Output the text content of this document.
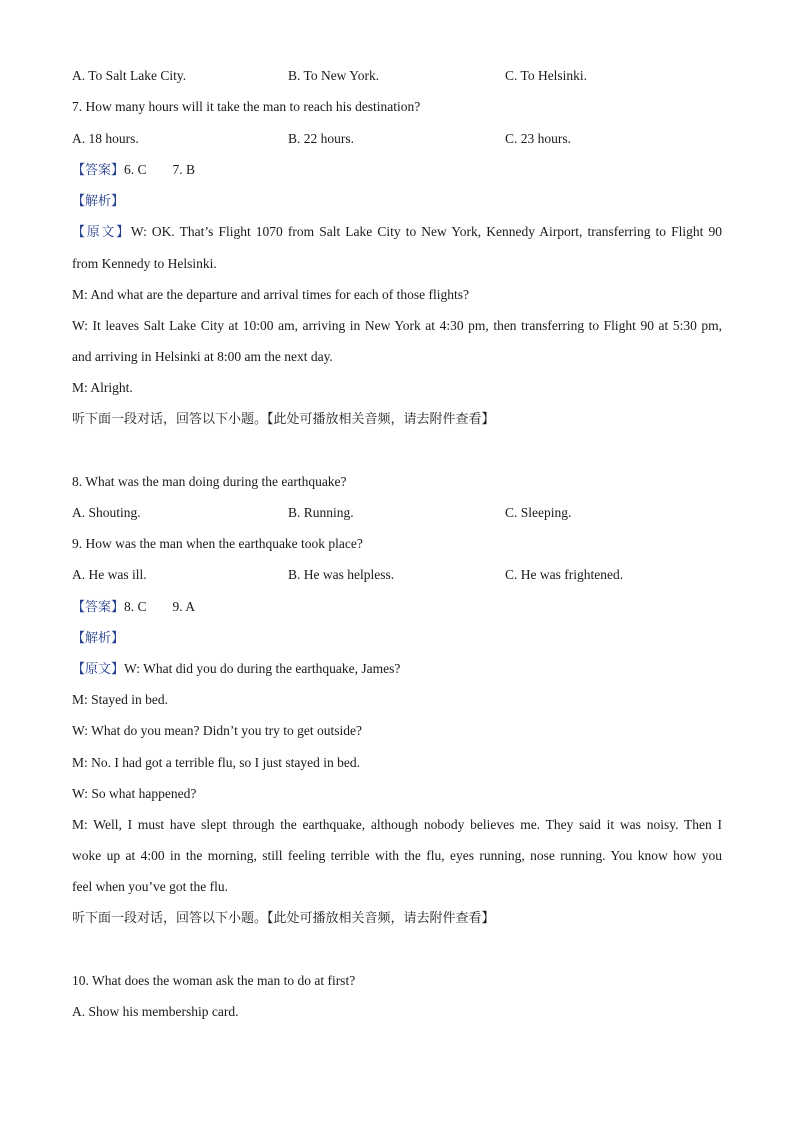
A. To Salt Lake City.	B. To New York.	C. To Helsinki.
7. How many hours will it take the man to reach his destination?
A. 18 hours.	B. 22 hours.	C. 23 hours.
【答案】6. C 7. B
【解析】
【原文】W: OK. That’s Flight 1070 from Salt Lake City to New York, Kennedy Airport, transferring to Flight 90
from Kennedy to Helsinki.
M: And what are the departure and arrival times for each of those flights?
W: It leaves Salt Lake City at 10:00 am, arriving in New York at 4:30 pm, then transferring to Flight 90 at 5:30 pm,
and arriving in Helsinki at 8:00 am the next day.
M: Alright.
听下面一段对话，回答以下小题。【此处可播放相关音频，请去附件查看】
8. What was the man doing during the earthquake?
A. Shouting.	B. Running.	C. Sleeping.
9. How was the man when the earthquake took place?
A. He was ill.	B. He was helpless.	C. He was frightened.
【答案】8. C 9. A
【解析】
【原文】W: What did you do during the earthquake, James?
M: Stayed in bed.
W: What do you mean? Didn’t you try to get outside?
M: No. I had got a terrible flu, so I just stayed in bed.
W: So what happened?
M: Well, I must have slept through the earthquake, although nobody believes me. They said it was noisy. Then I
woke up at 4:00 in the morning, still feeling terrible with the flu, eyes running, nose running. You know how you
feel when you’ve got the flu.
听下面一段对话，回答以下小题。【此处可播放相关音频，请去附件查看】
10. What does the woman ask the man to do at first?
A. Show his membership card.
